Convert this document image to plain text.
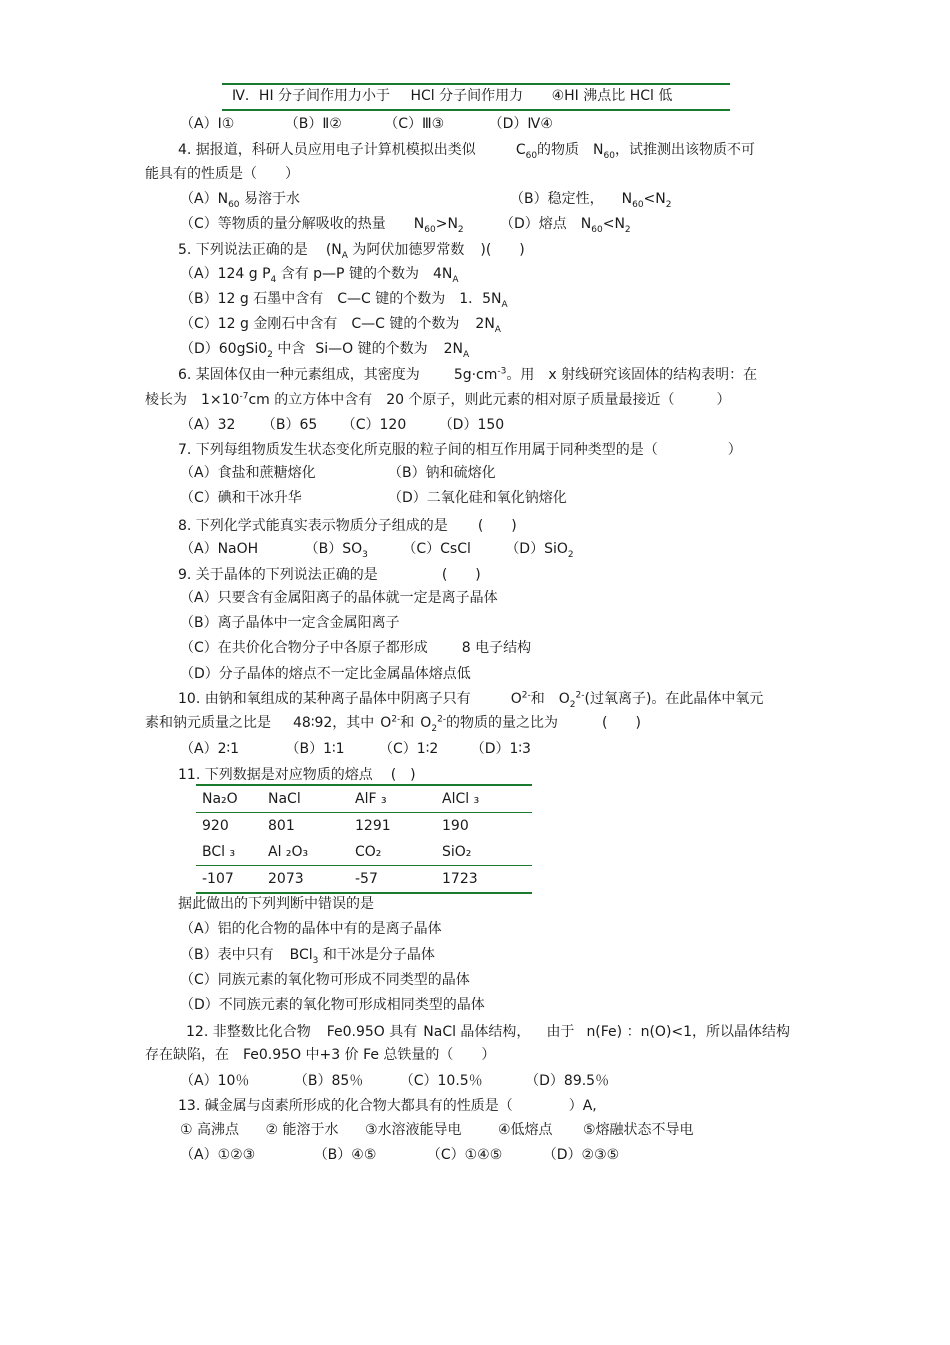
Ⅳ．HI 分子间作用力小于 HCl 分子间作用力 ④HI 沸点比 HCl 低
（A）Ⅰ①	（B）Ⅱ②	（C）Ⅲ③	（D）Ⅳ④
4. 据报道，科研人员应用电子计算机模拟出类似	$C_{60}$的物质 $N_{60}$，试推测出该物质不可
能具有的性质是（　　）
$(A)N_{60}$ 易溶于水	（B）稳定性， $N_{60}<N_2$
（C）等物质的量分解吸收的热量 $N_{60}>N_2$	（D）熔点 $N_{60}<N_2$
5. 下列说法正确的是 ($N_A$ 为阿伏加德罗常数 )(　　)
（A）124 g $P_4$ 含有 p—P 键的个数为 $4N_A$
（B）12 g 石墨中含有 C—C 键的个数为 1．$5N_A$
（C）12 g 金刚石中含有 C—C 键的个数为 $2N_A$
$(D)60gSi0_2$ 中含 Si—O 键的个数为 $2N_A$
6. 某固体仅由一种元素组成，其密度为 $5g\cdot cm^{-3}$。用 x 射线研究该固体的结构表明：在
棱长为 $1\times 10^{-7}cm$ 的立方体中含有 20 个原子，则此元素的相对原子质量最接近（　　　）
（A）32 （B）65 （C）120 （D）150
7. 下列每组物质发生状态变化所克服的粒子间的相互作用属于同种类型的是（　　　　　）
（A）食盐和蔗糖熔化	（B）钠和硫熔化
（C）碘和干冰升华	（D）二氧化硅和氧化钠熔化
8. 下列化学式能真实表示物质分子组成的是 (　　)
（A）NaOH	$(B)SO_3$ （C）CsCl （D）SiO$_2$
9. 关于晶体的下列说法正确的是	(　　)
（A）只要含有金属阳离子的晶体就一定是离子晶体
（B）离子晶体中一定含金属阳离子
（C）在共价化合物分子中各原子都形成 8 电子结构
（D）分子晶体的熔点不一定比金属晶体熔点低
10. 由钠和氧组成的某种离子晶体中阴离子只有	$O^{2-}$和 $O_2^{2-}$(过氧离子)。在此晶体中氧元
素和钠元质量之比是 48∶92，其中 $O^{2-}$和 $O_2^{2-}$的物质的量之比为	(　　)
（A）2∶1	（B）1∶1 （C）1∶2 （D）1∶3
11. 下列数据是对应物质的熔点 (　)
Na₂O	NaCl	AlF ₃	AlCl ₃
920	801	1291	190
BCl ₃	Al ₂O₃	CO₂	SiO₂
-107	2073	-57	1723
据此做出的下列判断中错误的是
（A）铝的化合物的晶体中有的是离子晶体
（B）表中只有 BCl$_3$ 和干冰是分子晶体
（C）同族元素的氧化物可形成不同类型的晶体
（D）不同族元素的氧化物可形成相同类型的晶体
12. 非整数比化合物 Fe0.95O 具有 NaCl 晶体结构， 由于 n(Fe) ：n(O)<1，所以晶体结构
存在缺陷，在 Fe0.95O 中+3 价 Fe 总铁量的（　　）
（A）10％	（B）85％	（C）10.5％	（D）89.5％
13. 碱金属与卤素所形成的化合物大都具有的性质是（　　　　）A,
① 高沸点 ② 能溶于水 ③水溶液能导电	④低熔点 ⑤熔融状态不导电
（A）①②③	（B）④⑤	（C）①④⑤	（D）②③⑤
